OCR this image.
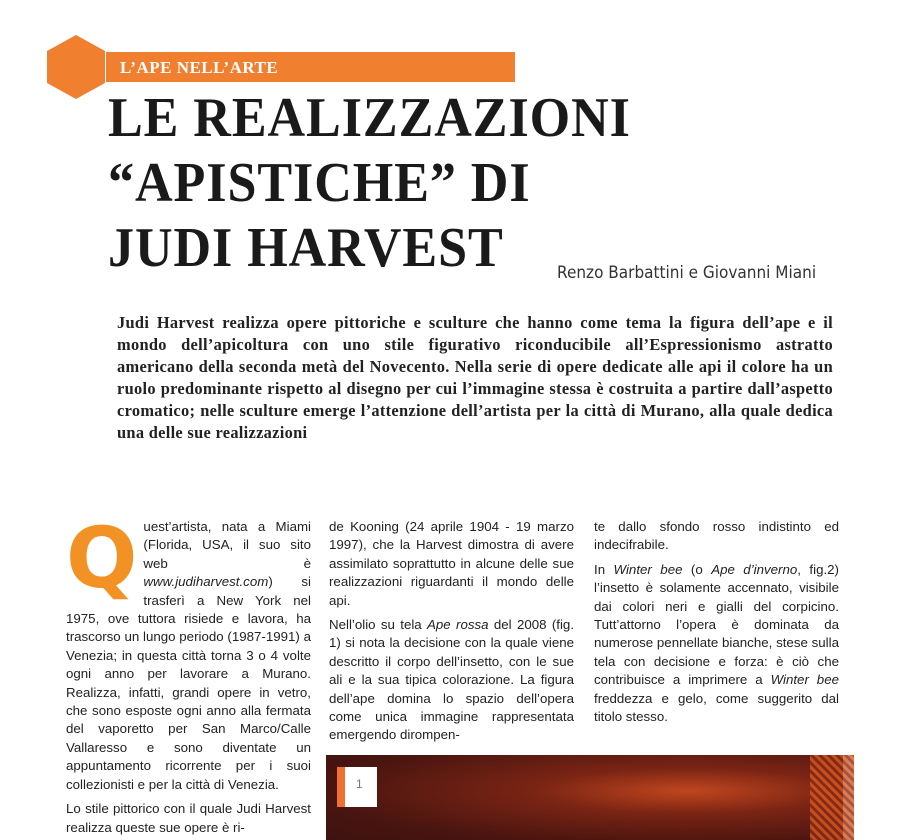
L’APE NELL’ARTE
LE REALIZZAZIONI
“APISTICHE” DI
JUDI HARVEST	Renzo Barbattini e Giovanni Miani
Judi Harvest realizza opere pittoriche e sculture che hanno come tema la figura dell’ape e il mondo dell’apicoltura con uno stile figurativo riconducibile all’Espressionismo astratto americano della seconda metà del Novecento. Nella serie di opere dedicate alle api il colore ha un ruolo predominante rispetto al disegno per cui l’immagine stessa è costruita a partire dall’aspetto cromatico; nelle sculture emerge l’attenzione dell’artista per la città di Murano, alla quale dedica una delle sue realizzazioni

Quest’artista, nata a Miami (Florida, USA, il suo sito web è www.judiharvest.com) si trasferì a New York nel 1975, ove tuttora risiede e lavora, ha trascorso un lungo periodo (1987-1991) a Venezia; in questa città torna 3 o 4 volte ogni anno per lavorare a Murano. Realizza, infatti, grandi opere in vetro, che sono esposte ogni anno alla fermata del vaporetto per San Marco/Calle Vallaresso e sono diventate un appuntamento ricorrente per i suoi collezionisti e per la città di Venezia.

Lo stile pittorico con il quale Judi Harvest realizza queste sue opere è ri-

de Kooning (24 aprile 1904 - 19 marzo 1997), che la Harvest dimostra di avere assimilato soprattutto in alcune delle sue realizzazioni riguardanti il mondo delle api.

Nell’olio su tela Ape rossa del 2008 (fig. 1) si nota la decisione con la quale viene descritto il corpo dell’insetto, con le sue ali e la sua tipica colorazione. La figura dell’ape domina lo spazio dell’opera come unica immagine rappresentata emergendo dirompen-

te dallo sfondo rosso indistinto ed indecifrabile.

In Winter bee (o Ape d’inverno, fig.2) l’insetto è solamente accennato, visibile dai colori neri e gialli del corpicino. Tutt’attorno l’opera è dominata da numerose pennellate bianche, stese sulla tela con decisione e forza: è ciò che contribuisce a imprimere a Winter bee freddezza e gelo, come suggerito dal titolo stesso.

1
